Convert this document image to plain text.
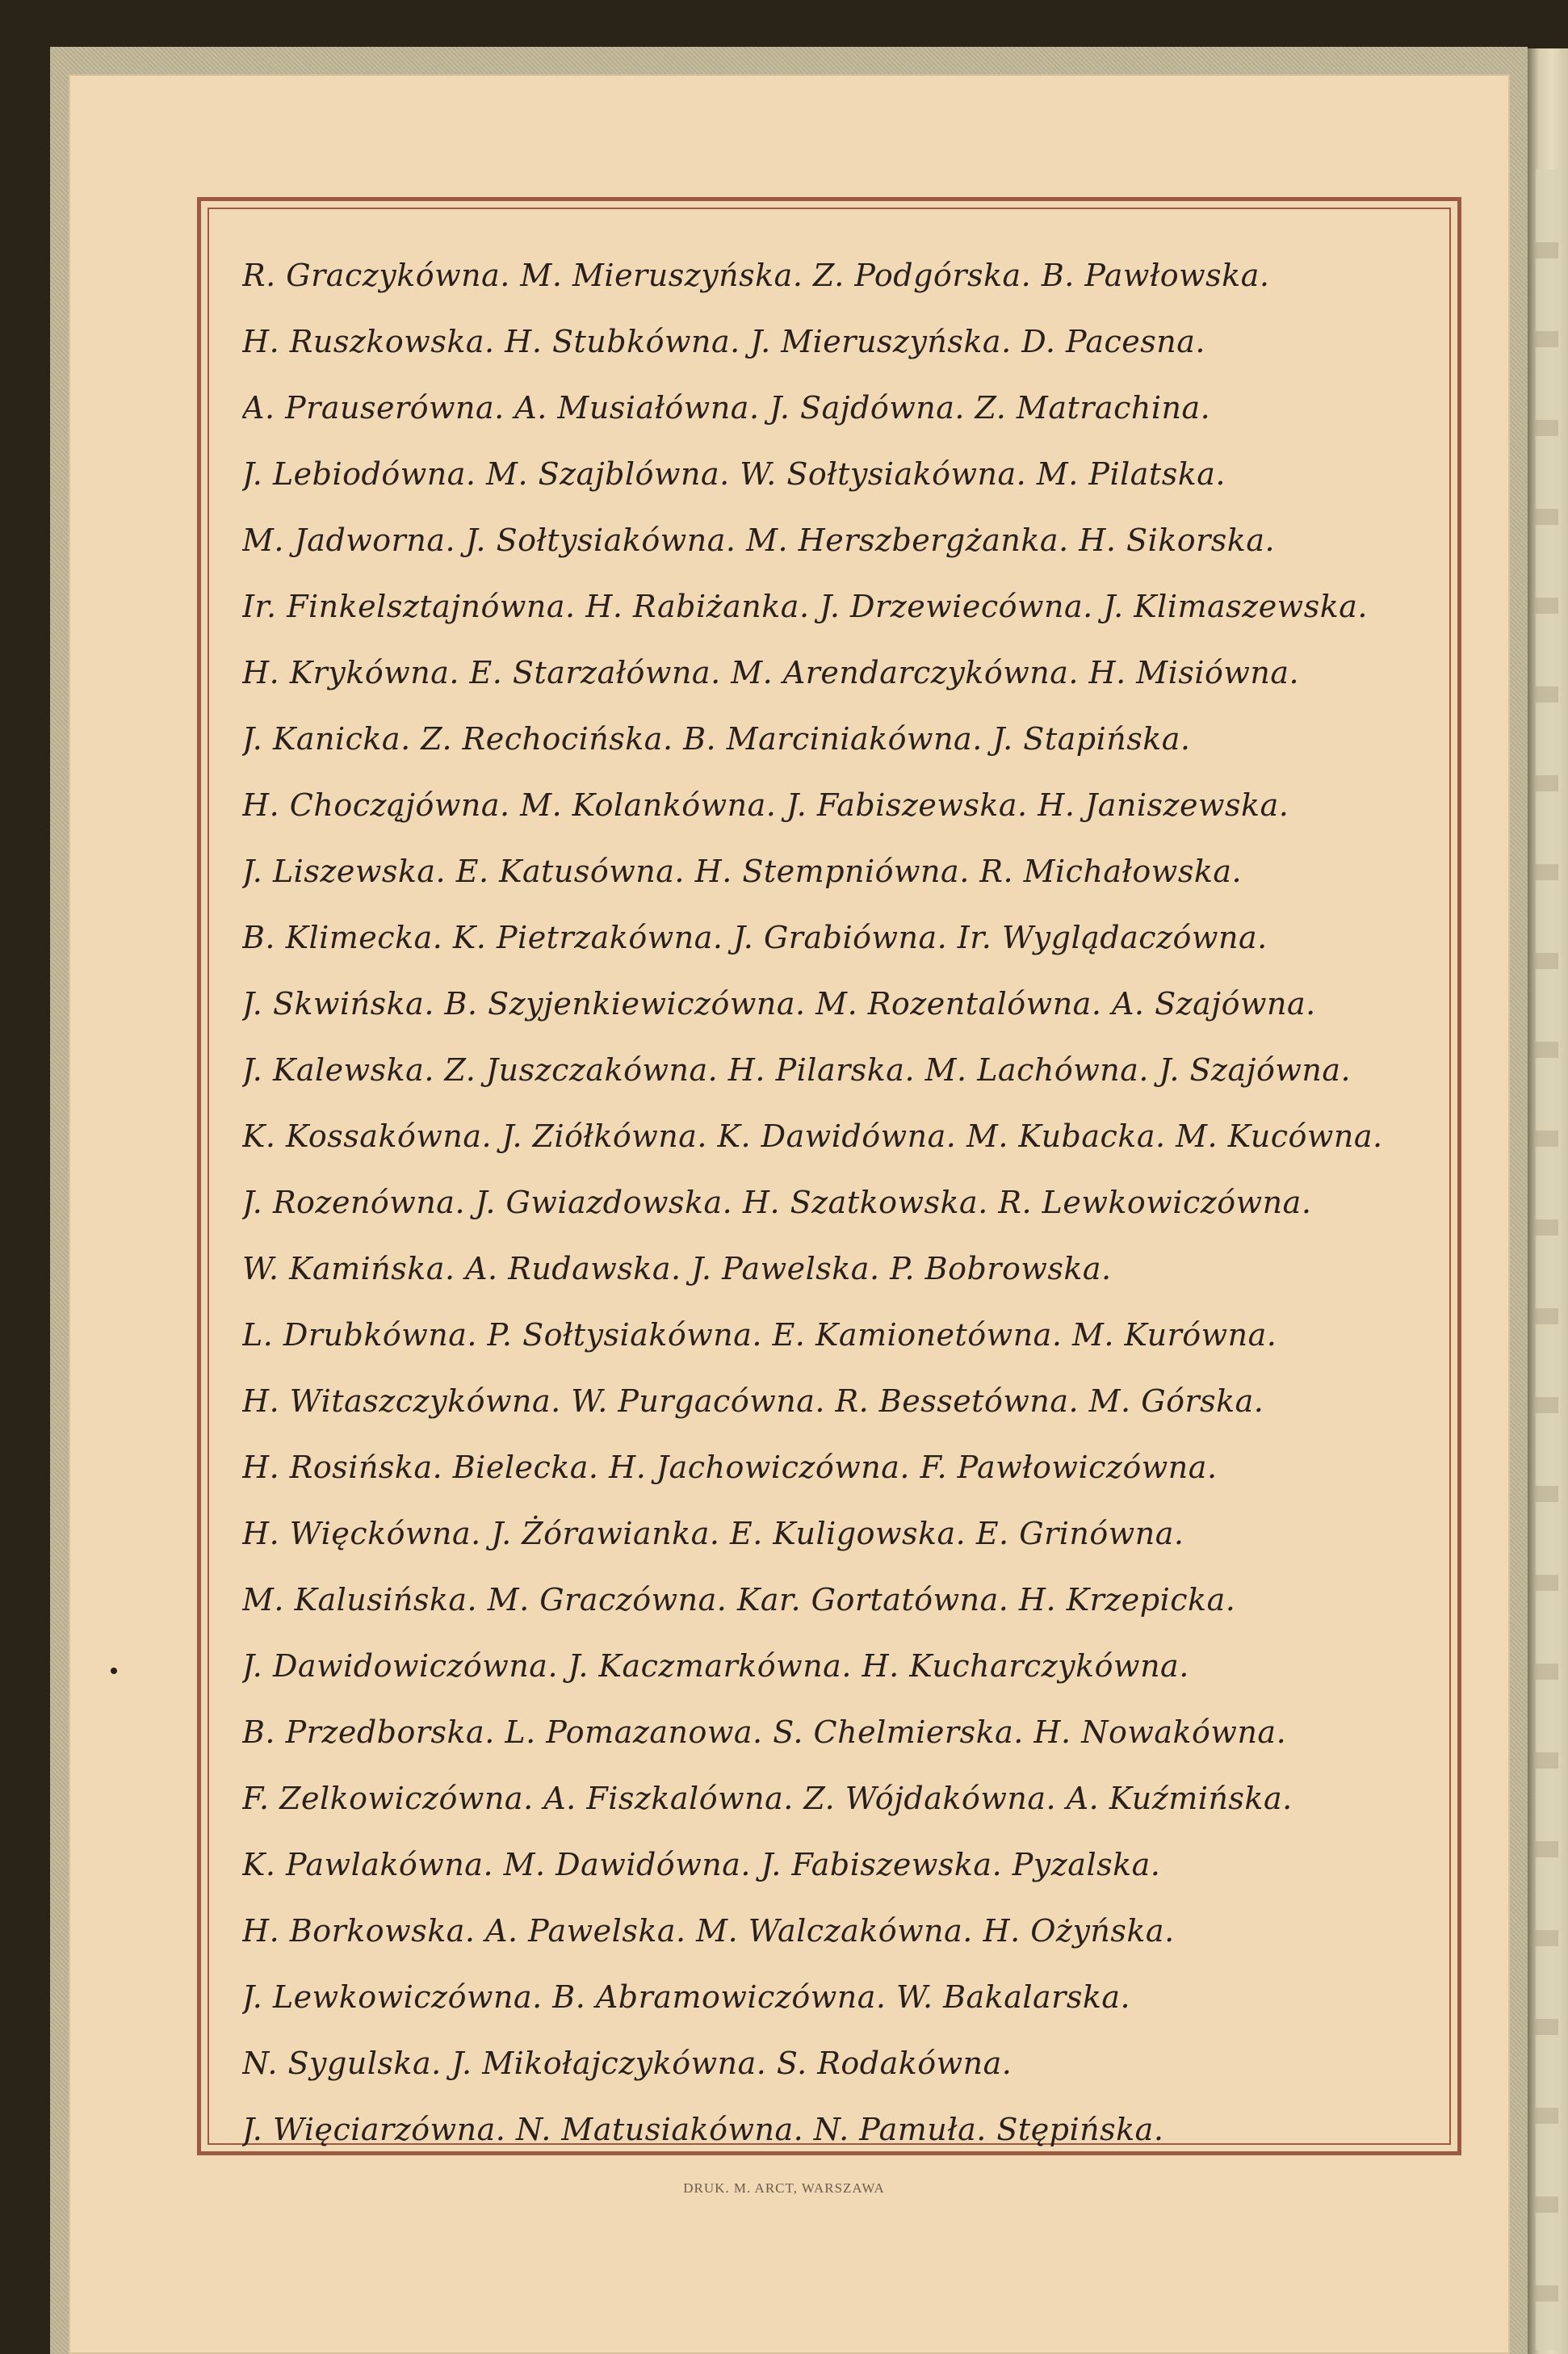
R. Graczykówna. M. Mieruszyńska. Z. Podgórska. B. Pawłowska.
H. Ruszkowska. H. Stubkówna. J. Mieruszyńska. D. Pacesna.
A. Prauserówna. A. Musiałówna. J. Sajdówna. Z. Matrachina.
J. Lebiodówna. M. Szajblówna. W. Sołtysiakówna. M. Pilatska.
M. Jadworna. J. Sołtysiakówna. M. Herszbergżanka. H. Sikorska.
Ir. Finkelsztajnówna. H. Rabiżanka. J. Drzewiecówna. J. Klimaszewska.
H. Krykówna. E. Starzałówna. M. Arendarczykówna. H. Misiówna.
J. Kanicka. Z. Rechocińska. B. Marciniakówna. J. Stapińska.
H. Chocząjówna. M. Kolankówna. J. Fabiszewska. H. Janiszewska.
J. Liszewska. E. Katusówna. H. Stempniówna. R. Michałowska.
B. Klimecka. K. Pietrzakówna. J. Grabiówna. Ir. Wyglądaczówna.
J. Skwińska. B. Szyjenkiewiczówna. M. Rozentalówna. A. Szajówna.
J. Kalewska. Z. Juszczakówna. H. Pilarska. M. Lachówna. J. Szajówna.
K. Kossakówna. J. Ziółkówna. K. Dawidówna. M. Kubacka. M. Kucówna.
J. Rozenówna. J. Gwiazdowska. H. Szatkowska. R. Lewkowiczówna.
W. Kamińska. A. Rudawska. J. Pawelska. P. Bobrowska.
L. Drubkówna. P. Sołtysiakówna. E. Kamionetówna. M. Kurówna.
H. Witaszczykówna. W. Purgacówna. R. Bessetówna. M. Górska.
H. Rosińska. Bielecka. H. Jachowiczówna. F. Pawłowiczówna.
H. Więckówna. J. Żórawianka. E. Kuligowska. E. Grinówna.
M. Kalusińska. M. Graczówna. Kar. Gortatówna. H. Krzepicka.
J. Dawidowiczówna. J. Kaczmarkówna. H. Kucharczykówna.
B. Przedborska. L. Pomazanowa. S. Chelmierska. H. Nowakówna.
F. Zelkowiczówna. A. Fiszkalówna. Z. Wójdakówna. A. Kuźmińska.
K. Pawlakówna. M. Dawidówna. J. Fabiszewska. Pyzalska.
H. Borkowska. A. Pawelska. M. Walczakówna. H. Ożyńska.
J. Lewkowiczówna. B. Abramowiczówna. W. Bakalarska.
N. Sygulska. J. Mikołajczykówna. S. Rodakówna.
J. Więciarzówna. N. Matusiakówna. N. Pamuła. Stępińska.
DRUK. M. ARCT, WARSZAWA
